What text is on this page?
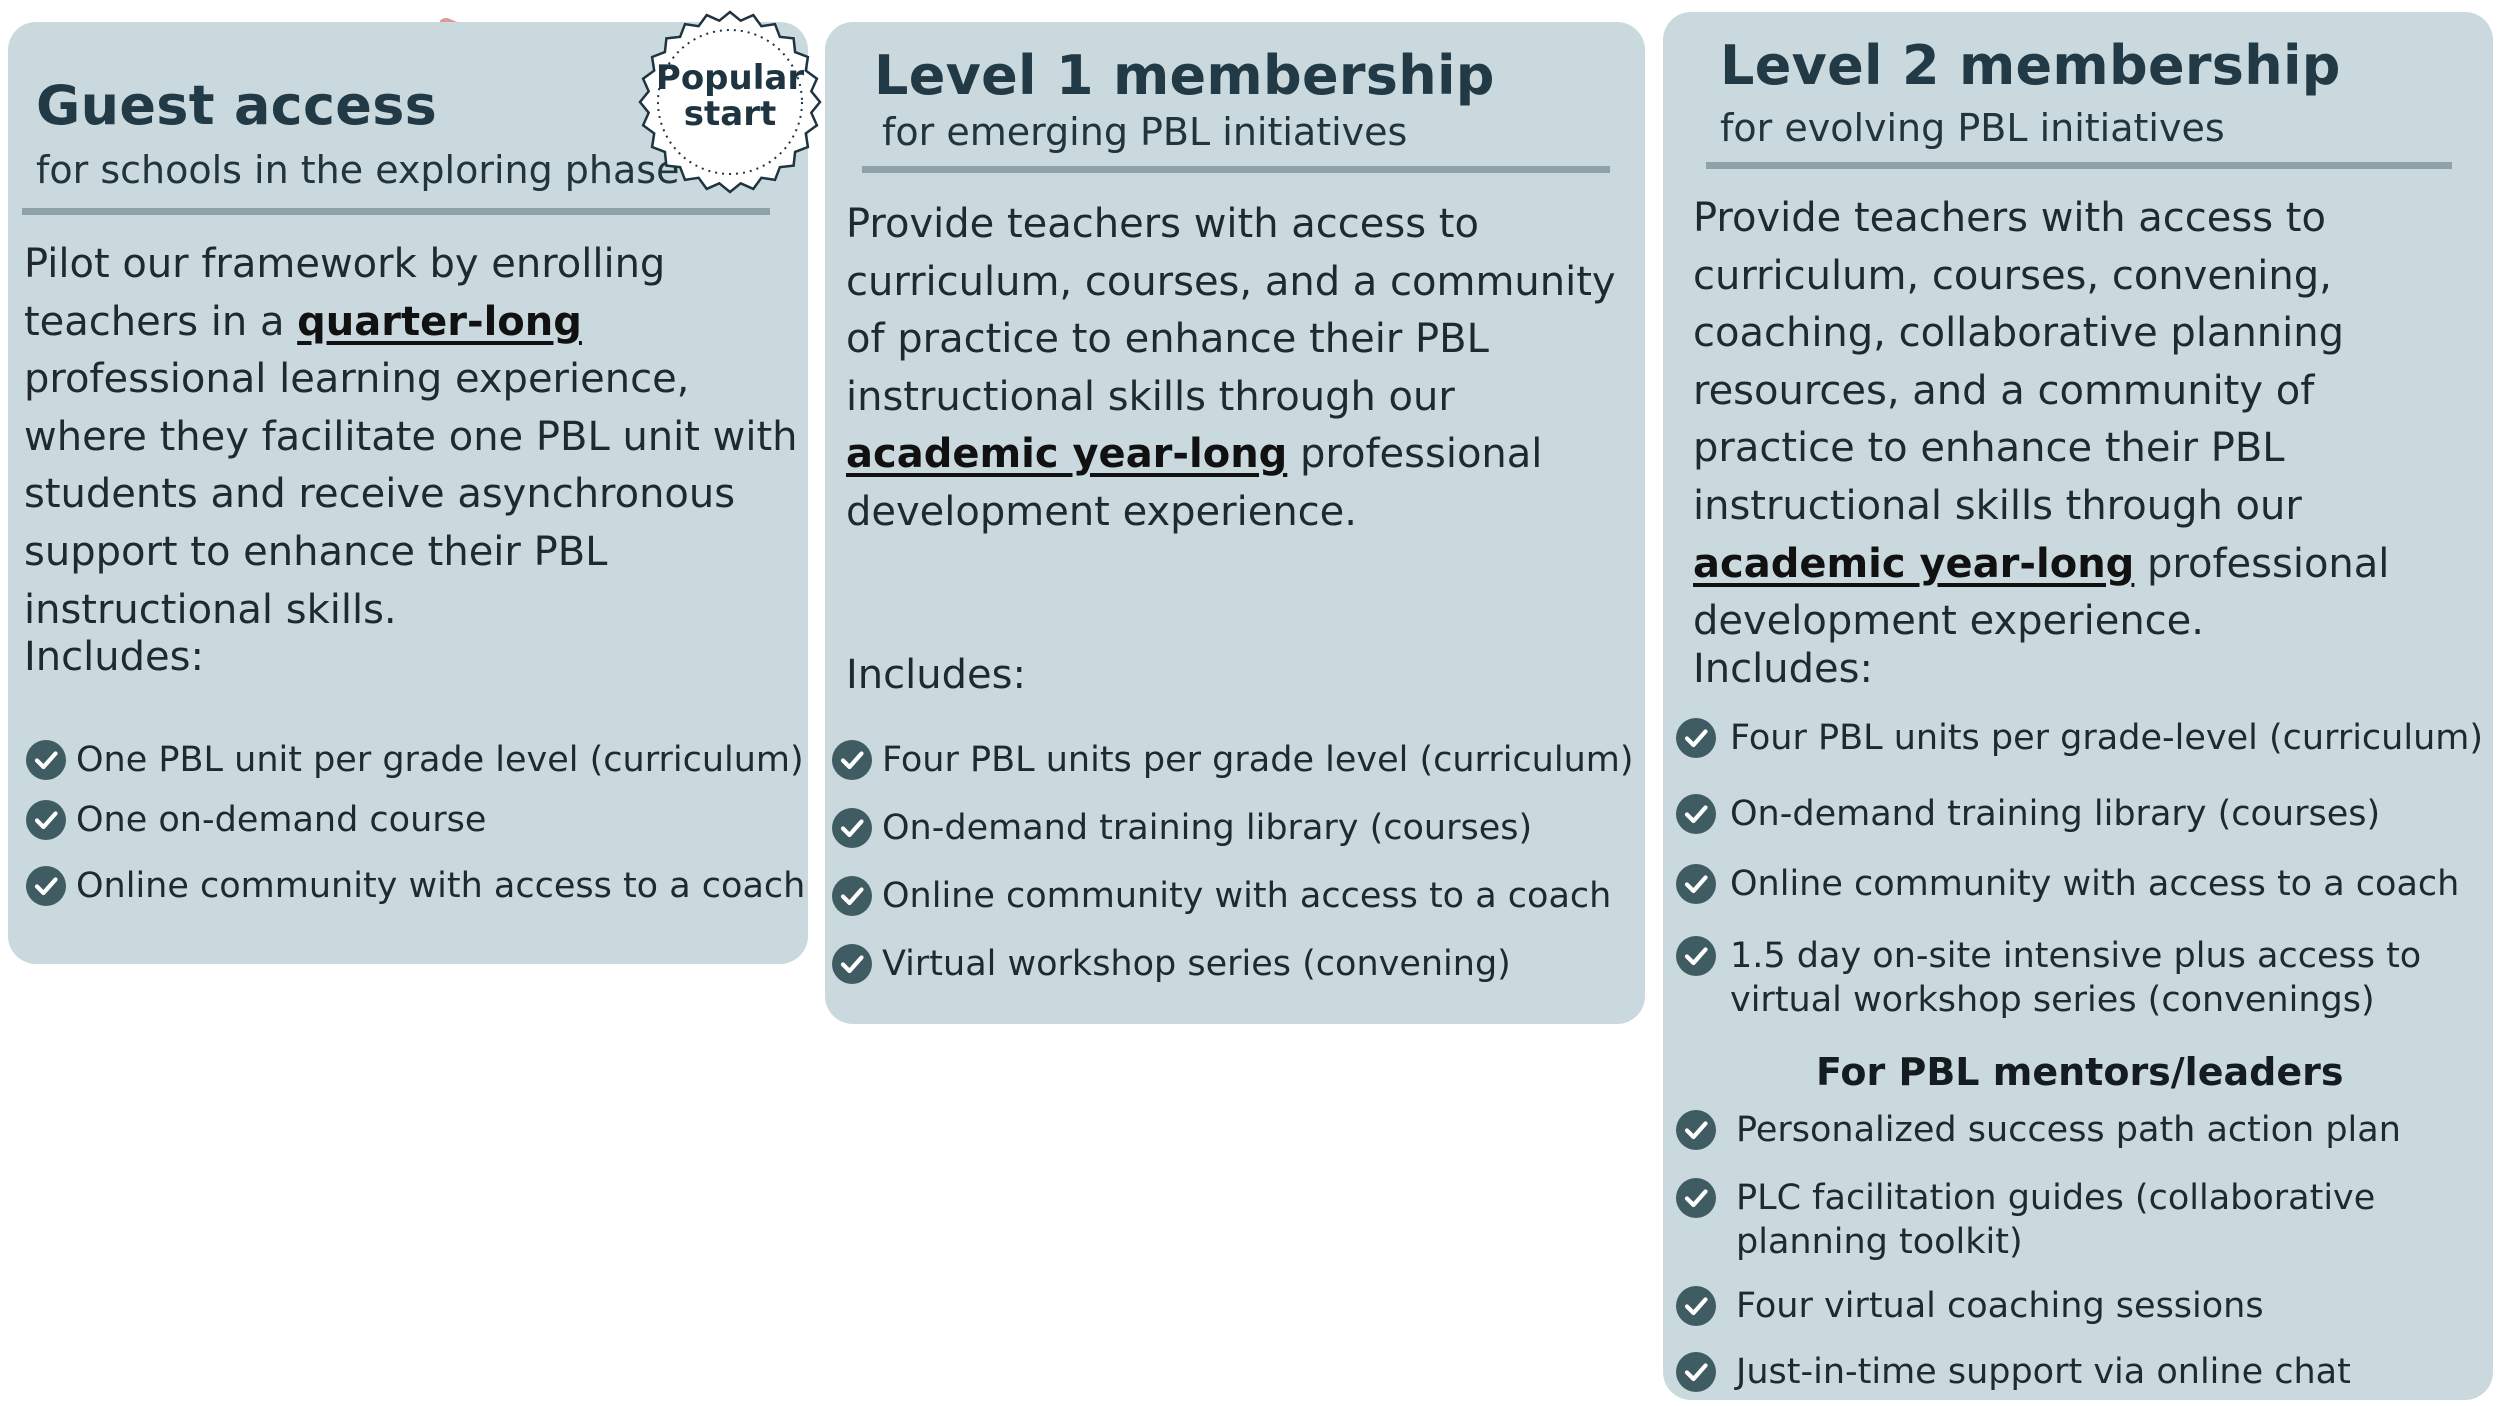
Guest access

for schools in the exploring phase

Pilot our framework by enrolling teachers in a quarter-long professional learning experience, where they facilitate one PBL unit with students and receive asynchronous support to enhance their PBL instructional skills.

Includes:

One PBL unit per grade level (curriculum)

One on-demand course

Online community with access to a coach

Level 1 membership

for emerging PBL initiatives

Provide teachers with access to curriculum, courses, and a community of practice to enhance their PBL instructional skills through our academic year-long professional development experience.

Includes:

Four PBL units per grade level (curriculum)

On-demand training library (courses)

Online community with access to a coach

Virtual workshop series (convening)

Level 2 membership

for evolving PBL initiatives

Provide teachers with access to curriculum, courses, convening, coaching, collaborative planning resources, and a community of practice to enhance their PBL instructional skills through our academic year-long professional development experience.

Includes:

Four PBL units per grade-level (curriculum)

On-demand training library (courses)

Online community with access to a coach

1.5 day on-site intensive plus access to

virtual workshop series (convenings)

For PBL mentors/leaders

Personalized success path action plan

PLC facilitation guides (collaborative

planning toolkit)

Four virtual coaching sessions

Just-in-time support via online chat

Popular
start
